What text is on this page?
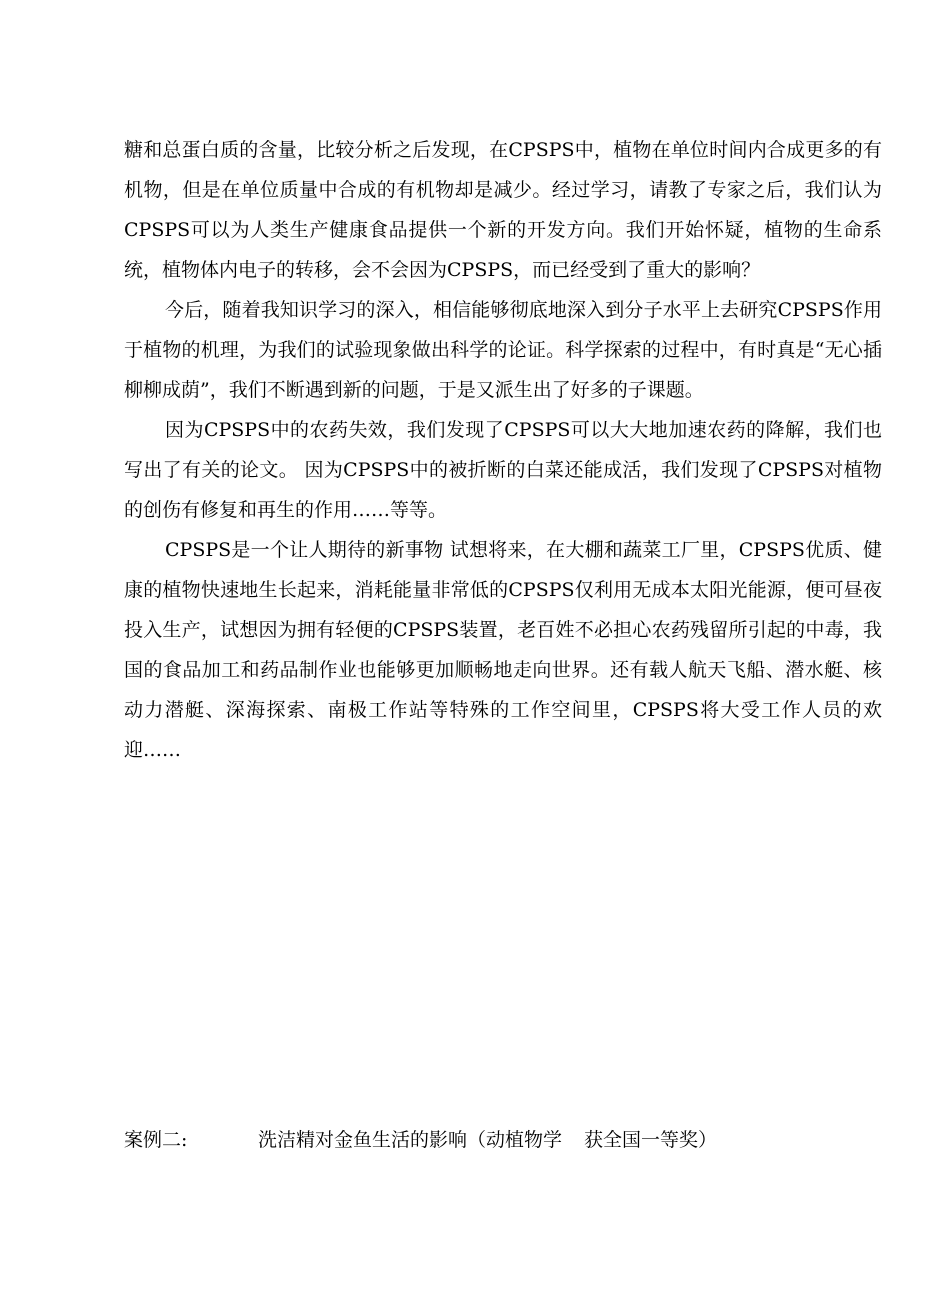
糖和总蛋白质的含量，比较分析之后发现，在CPSPS中，植物在单位时间内合成更多的有机物，但是在单位质量中合成的有机物却是减少。经过学习，请教了专家之后，我们认为CPSPS可以为人类生产健康食品提供一个新的开发方向。我们开始怀疑，植物的生命系统，植物体内电子的转移，会不会因为CPSPS，而已经受到了重大的影响？

今后，随着我知识学习的深入，相信能够彻底地深入到分子水平上去研究CPSPS作用于植物的机理，为我们的试验现象做出科学的论证。科学探索的过程中，有时真是“无心插柳柳成荫”，我们不断遇到新的问题，于是又派生出了好多的子课题。

因为CPSPS中的农药失效，我们发现了CPSPS可以大大地加速农药的降解，我们也写出了有关的论文。 因为CPSPS中的被折断的白菜还能成活，我们发现了CPSPS对植物的创伤有修复和再生的作用……等等。

CPSPS是一个让人期待的新事物 试想将来，在大棚和蔬菜工厂里，CPSPS优质、健康的植物快速地生长起来，消耗能量非常低的CPSPS仅利用无成本太阳光能源，便可昼夜投入生产，试想因为拥有轻便的CPSPS装置，老百姓不必担心农药残留所引起的中毒，我国的食品加工和药品制作业也能够更加顺畅地走向世界。还有载人航天飞船、潜水艇、核动力潜艇、深海探索、南极工作站等特殊的工作空间里，CPSPS将大受工作人员的欢迎……

案例二:	洗洁精对金鱼生活的影响（动植物学 获全国一等奖）
